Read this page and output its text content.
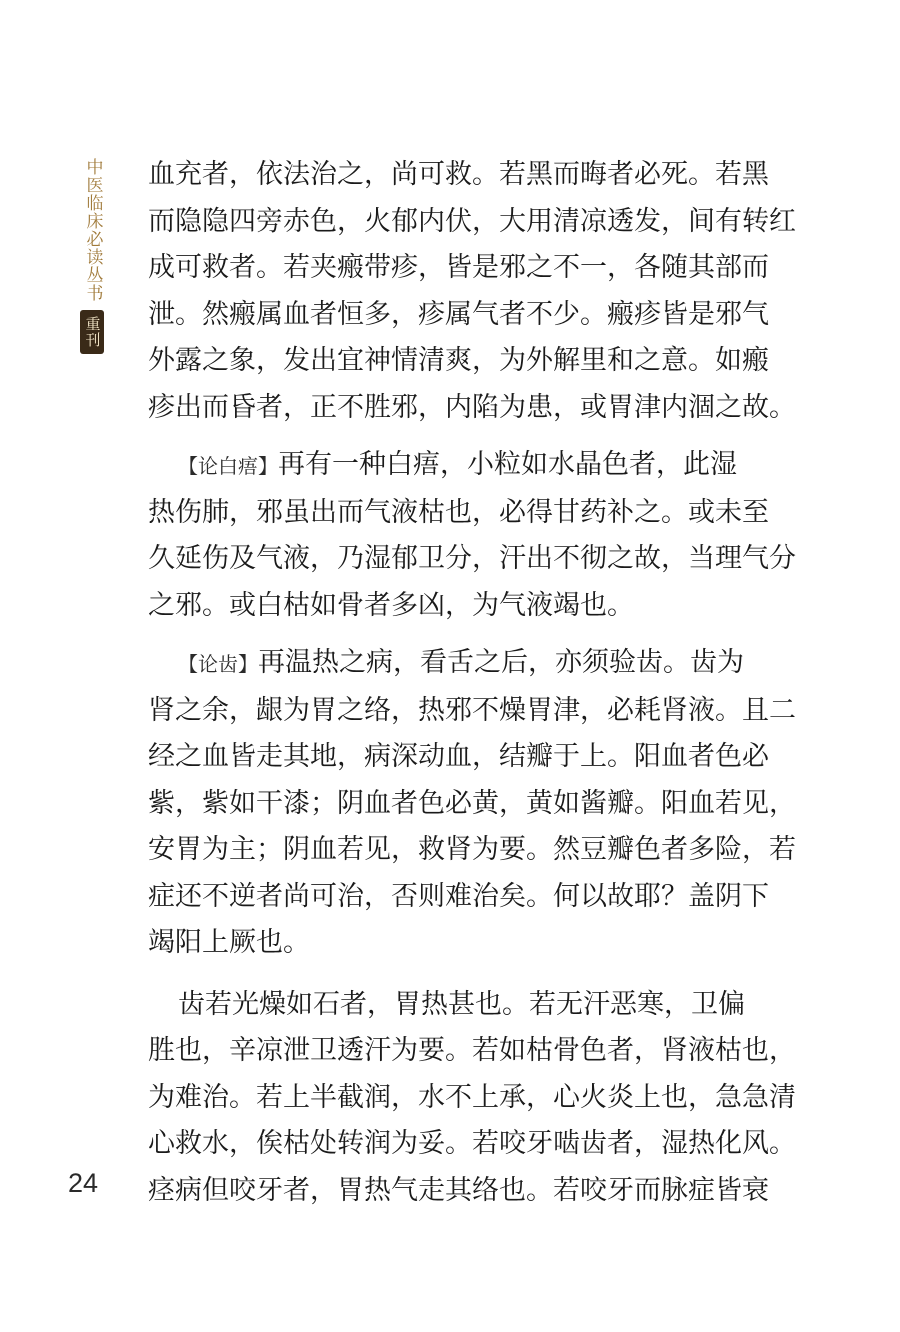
中医临床必读丛书
重刊

血充者，依法治之，尚可救。若黑而晦者必死。若黑
而隐隐四旁赤色，火郁内伏，大用清凉透发，间有转红
成可救者。若夹瘢带疹，皆是邪之不一，各随其部而
泄。然瘢属血者恒多，疹属气者不少。瘢疹皆是邪气
外露之象，发出宜神情清爽，为外解里和之意。如瘢
疹出而昏者，正不胜邪，内陷为患，或胃津内涸之故。

【论白痦】再有一种白痦，小粒如水晶色者，此湿
热伤肺，邪虽出而气液枯也，必得甘药补之。或未至
久延伤及气液，乃湿郁卫分，汗出不彻之故，当理气分
之邪。或白枯如骨者多凶，为气液竭也。

【论齿】再温热之病，看舌之后，亦须验齿。齿为
肾之余，龈为胃之络，热邪不燥胃津，必耗肾液。且二
经之血皆走其地，病深动血，结瓣于上。阳血者色必
紫，紫如干漆；阴血者色必黄，黄如酱瓣。阳血若见，
安胃为主；阴血若见，救肾为要。然豆瓣色者多险，若
症还不逆者尚可治，否则难治矣。何以故耶？盖阴下
竭阳上厥也。

齿若光燥如石者，胃热甚也。若无汗恶寒，卫偏
胜也，辛凉泄卫透汗为要。若如枯骨色者，肾液枯也，
为难治。若上半截润，水不上承，心火炎上也，急急清
心救水，俟枯处转润为妥。若咬牙啮齿者，湿热化风。
痉病但咬牙者，胃热气走其络也。若咬牙而脉症皆衰

24
